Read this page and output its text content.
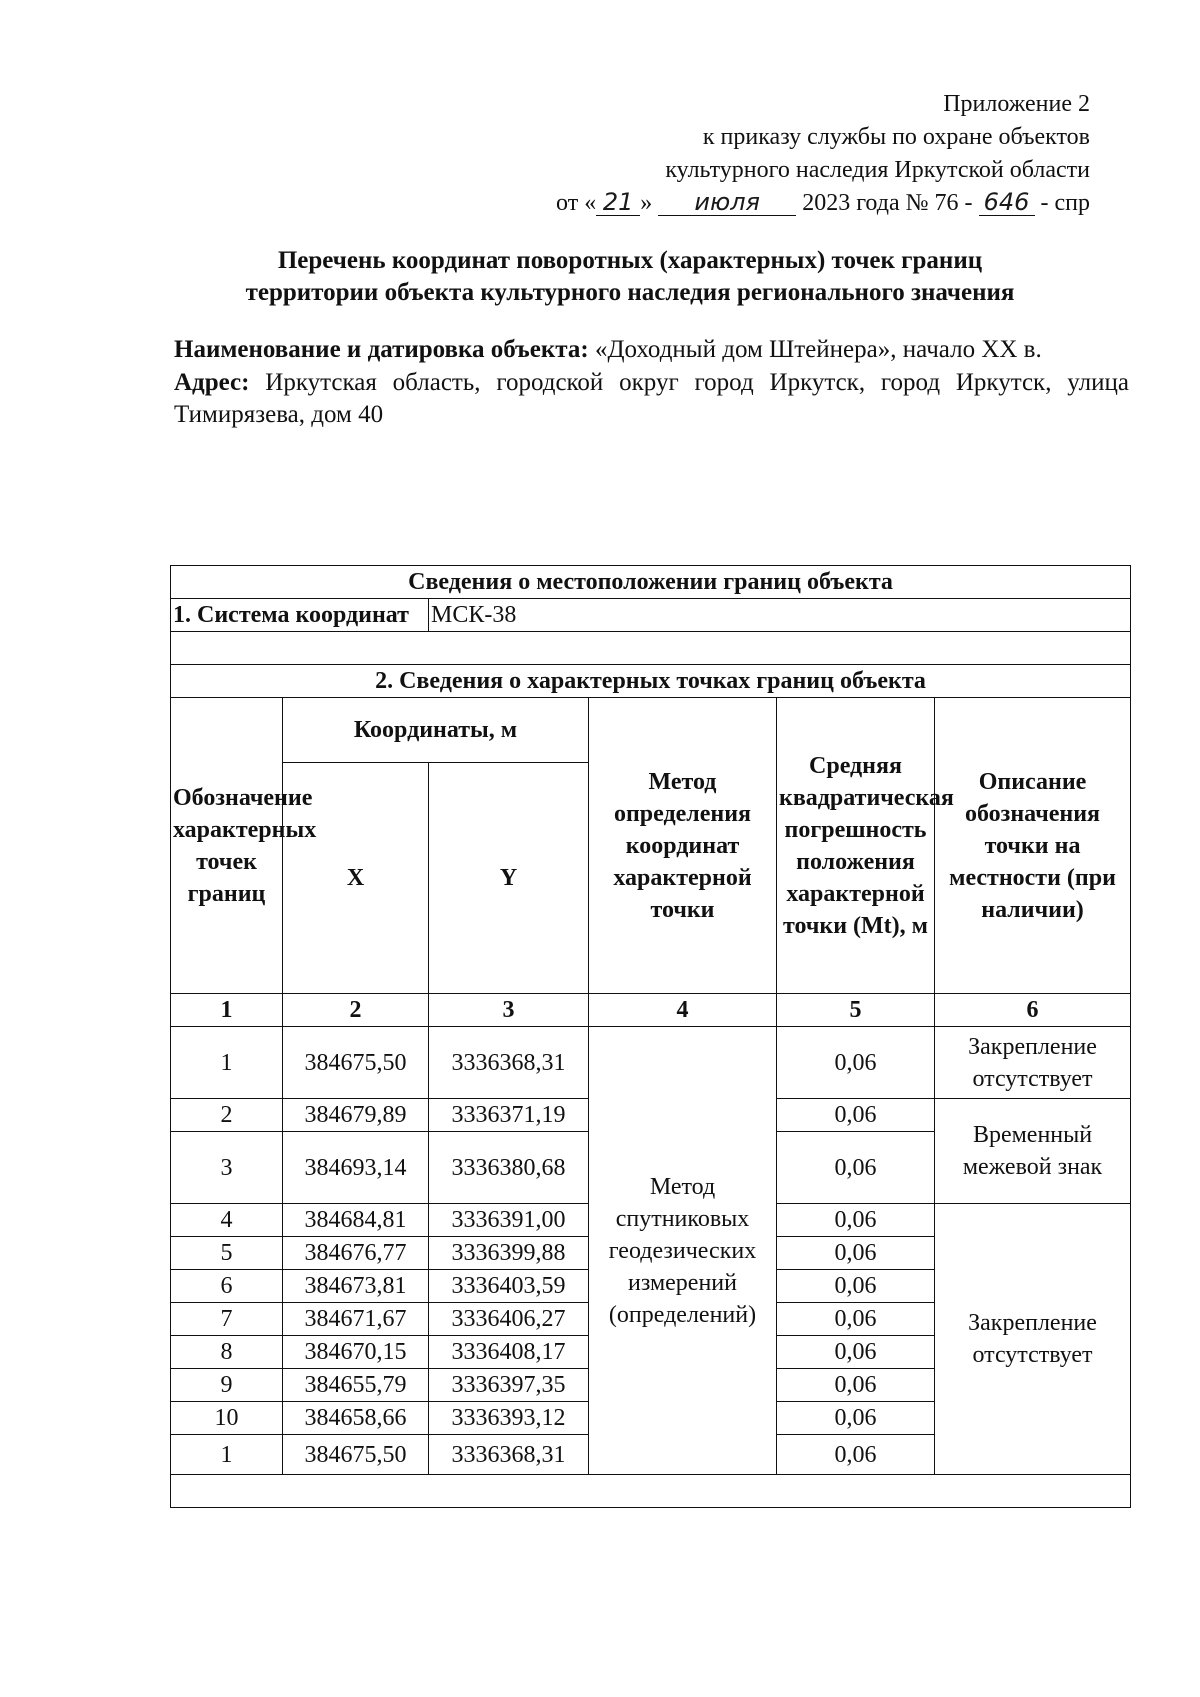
Приложение 2
к приказу службы по охране объектов
культурного наследия Иркутской области
от « 21 » июля 2023 года № 76 - 646 - спр
Перечень координат поворотных (характерных) точек границ
территории объекта культурного наследия регионального значения

Наименование и датировка объекта: «Доходный дом Штейнера», начало XX в.

Адрес: Иркутская область, городской округ город Иркутск, город Иркутск, улица Тимирязева, дом 40

Сведения о местоположении границ объекта					
1. Система координат		МСК-38			

2. Сведения о характерных точках границ объекта					
Обозначение характерных точек границ	Координаты, м		Метод определения координат характерной точки	Средняя квадратическая погрешность положения характерной точки (Mt), м	Описание обозначения точки на местности (при наличии)
	X	Y			
1	2	3	4	5	6
1	384675,50	3336368,31	Метод спутниковых геодезических измерений (определений)	0,06	Закрепление отсутствует
2	384679,89	3336371,19		0,06	Временный межевой знак
3	384693,14	3336380,68		0,06	
4	384684,81	3336391,00		0,06	Закрепление отсутствует
5	384676,77	3336399,88		0,06	
6	384673,81	3336403,59		0,06	
7	384671,67	3336406,27		0,06	
8	384670,15	3336408,17		0,06	
9	384655,79	3336397,35		0,06	
10	384658,66	3336393,12		0,06	
1	384675,50	3336368,31		0,06	
